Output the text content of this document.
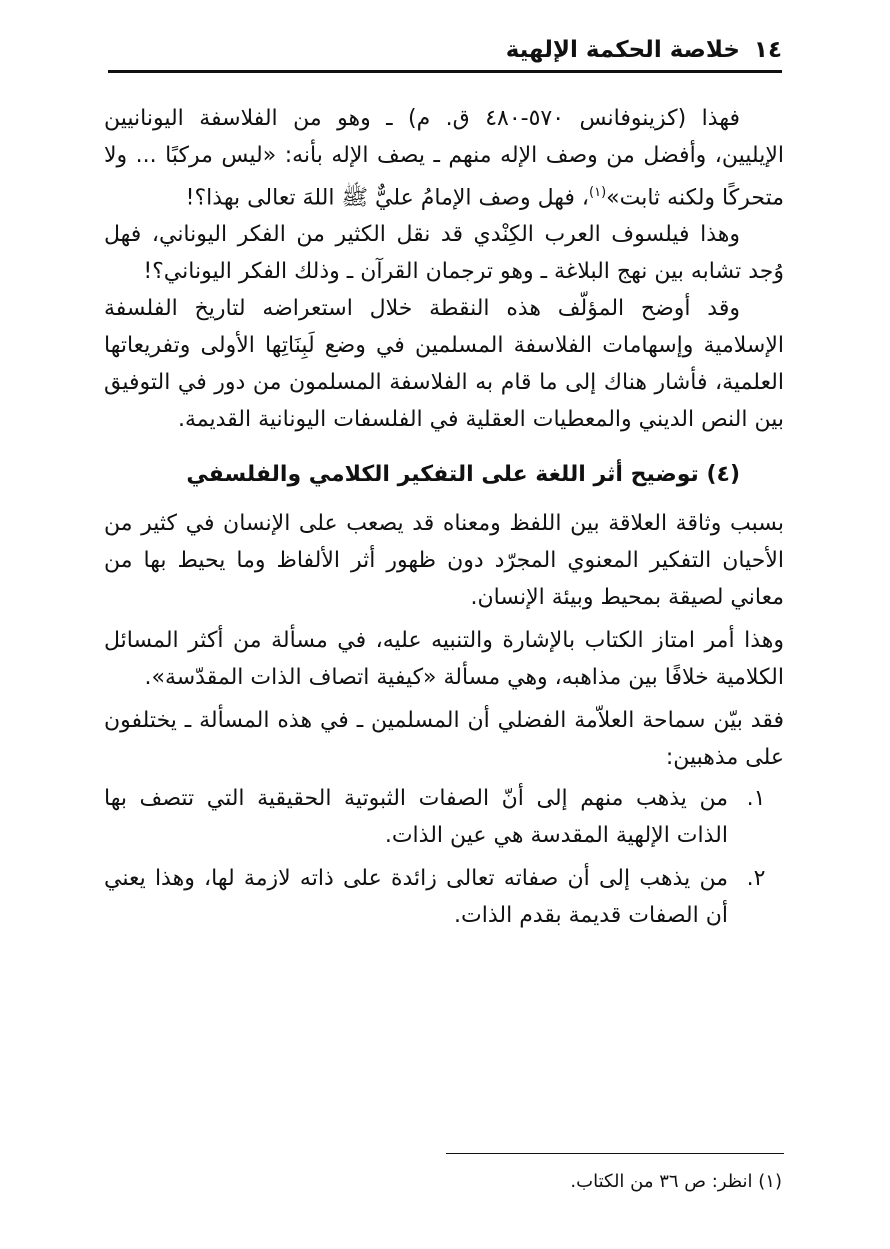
١٤
خلاصة الحكمة الإلهية

فهذا (كزينوفانس ٥٧٠-٤٨٠ ق. م) ـ وهو من الفلاسفة اليونانيين الإيليين، وأفضل من وصف الإله منهم ـ يصف الإله بأنه: «ليس مركبًا ... ولا متحركًا ولكنه ثابت»$^{(١)}$، فهل وصف الإمامُ عليٌّ ﷺ اللهَ تعالى بهذا؟!

وهذا فيلسوف العرب الكِنْدي قد نقل الكثير من الفكر اليوناني، فهل وُجد تشابه بين نهج البلاغة ـ وهو ترجمان القرآن ـ وذلك الفكر اليوناني؟!

وقد أوضح المؤلّف هذه النقطة خلال استعراضه لتاريخ الفلسفة الإسلامية وإسهامات الفلاسفة المسلمين في وضع لَبِنَاتِها الأولى وتفريعاتها العلمية، فأشار هناك إلى ما قام به الفلاسفة المسلمون من دور في التوفيق بين النص الديني والمعطيات العقلية في الفلسفات اليونانية القديمة.

(٤) توضيح أثر اللغة على التفكير الكلامي والفلسفي

بسبب وثاقة العلاقة بين اللفظ ومعناه قد يصعب على الإنسان في كثير من الأحيان التفكير المعنوي المجرّد دون ظهور أثر الألفاظ وما يحيط بها من معاني لصيقة بمحيط وبيئة الإنسان.

وهذا أمر امتاز الكتاب بالإشارة والتنبيه عليه، في مسألة من أكثر المسائل الكلامية خلافًا بين مذاهبه، وهي مسألة «كيفية اتصاف الذات المقدّسة».

فقد بيّن سماحة العلاّمة الفضلي أن المسلمين ـ في هذه المسألة ـ يختلفون على مذهبين:

١.
من يذهب منهم إلى أنّ الصفات الثبوتية الحقيقية التي تتصف بها الذات الإلهية المقدسة هي عين الذات.
٢.
من يذهب إلى أن صفاته تعالى زائدة على ذاته لازمة لها، وهذا يعني أن الصفات قديمة بقدم الذات.
(١) انظر: ص ٣٦ من الكتاب.
